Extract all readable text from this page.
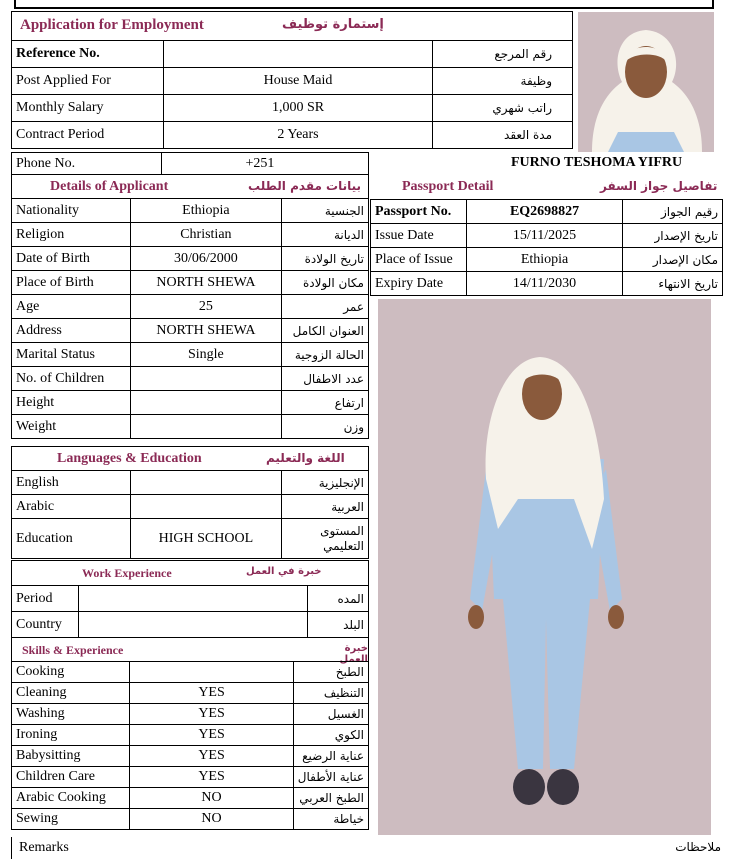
Application for Employment	إستمارة توظيف
Reference No.		رقم المرجع
Post Applied For	House Maid	وظيفة
Monthly Salary	1,000 SR	راتب شهري
Contract Period	2 Years	مدة العقد
Phone No.	+251	FURNO TESHOMA YIFRU
Details of Applicant	بيانات مقدم الطلب
Nationality	Ethiopia	الجنسية
Religion	Christian	الديانة
Date of Birth	30/06/2000	تاريخ الولادة
Place of Birth	NORTH SHEWA	مكان الولادة
Age	25	عمر
Address	NORTH SHEWA	العنوان الكامل
Marital Status	Single	الحالة الزوجية
No. of Children		عدد الاطفال
Height		ارتفاع
Weight		وزن
Languages & Education	اللغة والتعليم
English		الإنجليزية
Arabic		العربية
Education	HIGH SCHOOL	المستوى التعليمي
Work Experience	خبرة في العمل
Period		المده
Country		البلد
Skills & Experience	خبرة العمل
Cooking		الطبخ
Cleaning	YES	التنظيف
Washing	YES	الغسيل
Ironing	YES	الكوي
Babysitting	YES	عناية الرضيع
Children Care	YES	عناية الأطفال
Arabic Cooking	NO	الطبخ العربي
Sewing	NO	خياطة
Remarks	ملاحظات
Passport Detail	تفاصيل جواز السفر
Passport No.	EQ2698827	رقيم الجواز
Issue Date	15/11/2025	تاريخ الإصدار
Place of Issue	Ethiopia	مكان الإصدار
Expiry Date	14/11/2030	تاريخ الانتهاء
